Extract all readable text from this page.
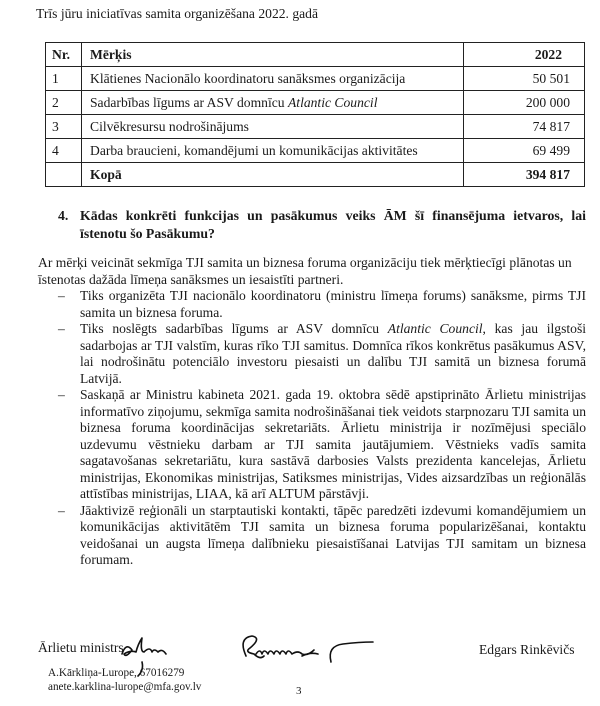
Trīs jūru iniciatīvas samita organizēšana 2022. gadā
Nr.	Mērķis	2022
1	Klātienes Nacionālo koordinatoru sanāksmes organizācija	50 501
2	Sadarbības līgums ar ASV domnīcu Atlantic Council	200 000
3	Cilvēkresursu nodrošinājums	74 817
4	Darba braucieni, komandējumi un komunikācijas aktivitātes	69 499
	Kopā	394 817
4. Kādas konkrēti funkcijas un pasākumus veiks ĀM šī finansējuma ietvaros, lai īstenotu šo Pasākumu?
Ar mērķi veicināt sekmīga TJI samita un biznesa foruma organizāciju tiek mērķtiecīgi plānotas un īstenotas dažāda līmeņa sanāksmes un iesaistīti partneri.
– Tiks organizēta TJI nacionālo koordinatoru (ministru līmeņa forums) sanāksme, pirms TJI samita un biznesa foruma.
– Tiks noslēgts sadarbības līgums ar ASV domnīcu Atlantic Council, kas jau ilgstoši sadarbojas ar TJI valstīm, kuras rīko TJI samitus. Domnīca rīkos konkrētus pasākumus ASV, lai nodrošinātu potenciālo investoru piesaisti un dalību TJI samitā un biznesa forumā Latvijā.
– Saskaņā ar Ministru kabineta 2021. gada 19. oktobra sēdē apstiprināto Ārlietu ministrijas informatīvo ziņojumu, sekmīga samita nodrošināšanai tiek veidots starpnozaru TJI samita un biznesa foruma koordinācijas sekretariāts. Ārlietu ministrija ir nozīmējusi speciālo uzdevumu vēstnieku darbam ar TJI samita jautājumiem. Vēstnieks vadīs samita sagatavošanas sekretariātu, kura sastāvā darbosies Valsts prezidenta kancelejas, Ārlietu ministrijas, Ekonomikas ministrijas, Satiksmes ministrijas, Vides aizsardzības un reģionālās attīstības ministrijas, LIAA, kā arī ALTUM pārstāvji.
– Jāaktivizē reģionāli un starptautiski kontakti, tāpēc paredzēti izdevumi komandējumiem un komunikācijas aktivitātēm TJI samita un biznesa foruma popularizēšanai, kontaktu veidošanai un augsta līmeņa dalībnieku piesaistīšanai Latvijas TJI samitam un biznesa forumam.
Ārlietu ministrs	Edgars Rinkēvičs
A.Kārkliņa-Lurope, 67016279
anete.karklina-lurope@mfa.gov.lv	3
